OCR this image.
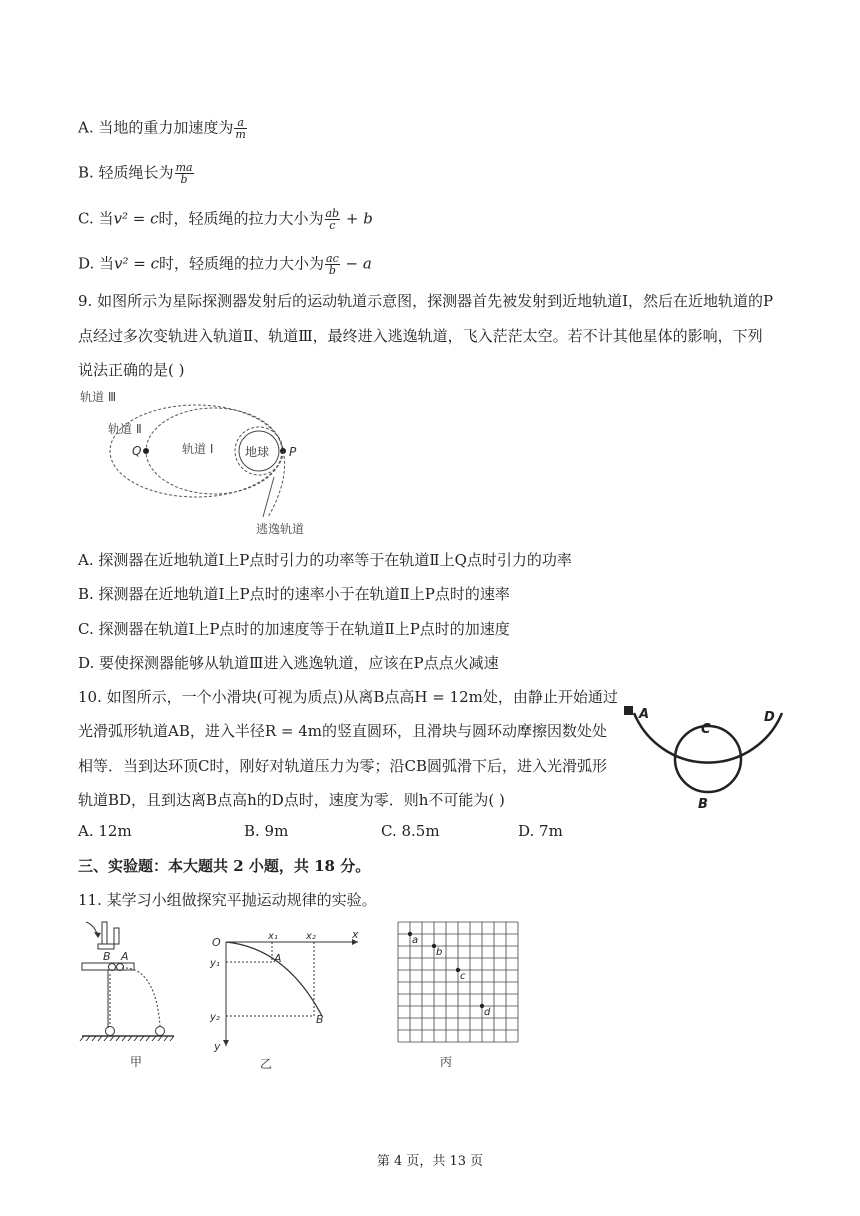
A. 当地的重力加速度为 $\frac{a}{m}$
B. 轻质绳长为 $\frac{ma}{b}$
C. 当v² = c时，轻质绳的拉力大小为 $\frac{ab}{c} + b$
D. 当v² = c时，轻质绳的拉力大小为 $\frac{ac}{b} - a$
9. 如图所示为星际探测器发射后的运动轨道示意图，探测器首先被发射到近地轨道Ⅰ，然后在近地轨道的P
点经过多次变轨进入轨道Ⅱ、轨道Ⅲ，最终进入逃逸轨道，飞入茫茫太空。若不计其他星体的影响，下列
说法正确的是( )
轨道 Ⅲ
轨道 Ⅱ
轨道 Ⅰ	地球
Q	P
逃逸轨道
A. 探测器在近地轨道Ⅰ上P点时引力的功率等于在轨道Ⅱ上Q点时引力的功率
B. 探测器在近地轨道Ⅰ上P点时的速率小于在轨道Ⅱ上P点时的速率
C. 探测器在轨道Ⅰ上P点时的加速度等于在轨道Ⅱ上P点时的加速度
D. 要使探测器能够从轨道Ⅲ进入逃逸轨道，应该在P点点火减速
10. 如图所示，一个小滑块(可视为质点)从离B点高H = 12m处，由静止开始通过
光滑弧形轨道AB，进入半径R = 4m的竖直圆环，且滑块与圆环动摩擦因数处处
相等．当到达环顶C时，刚好对轨道压力为零；沿CB圆弧滑下后，进入光滑弧形
轨道BD，且到达离B点高h的D点时，速度为零．则h不可能为( )
A
C
D
B
A. 12m	B. 9m	C. 8.5m	D. 7m
三、实验题：本大题共 2 小题，共 18 分。
11. 某学习小组做探究平抛运动规律的实验。
B A
甲
O
x
y
x₁	x₂
y₁
y₂
A
B
乙
a
b
c
d
丙
第 4 页，共 13 页
